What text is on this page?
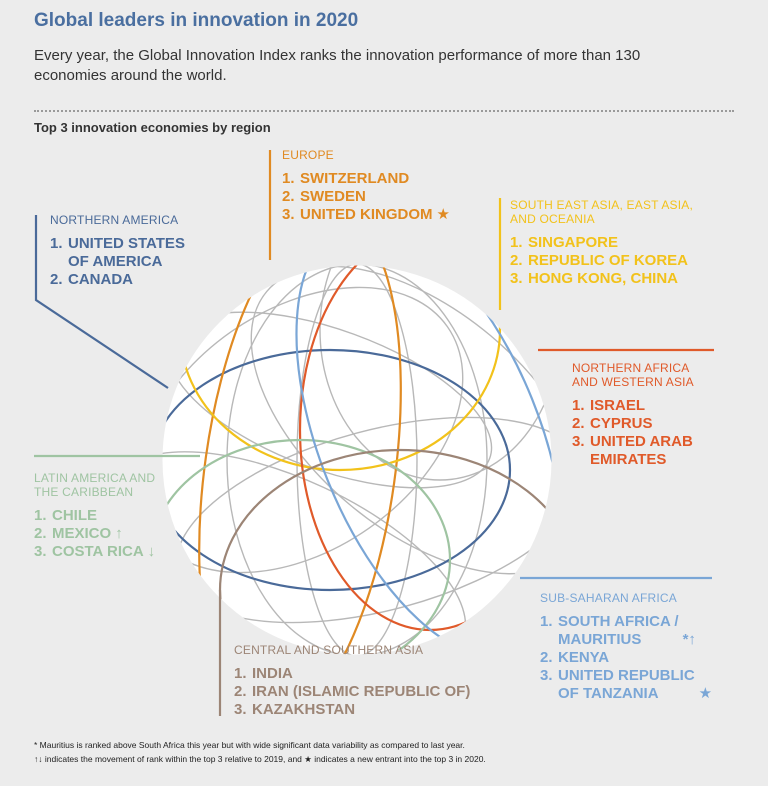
Global leaders in innovation in 2020
Every year, the Global Innovation Index ranks the innovation performance of more than 130 economies around the world.
Top 3 innovation economies by region
NORTHERN AMERICA
1. UNITED STATES
OF AMERICA
2. CANADA
EUROPE
1. SWITZERLAND
2. SWEDEN
3. UNITED KINGDOM ★
SOUTH EAST ASIA, EAST ASIA,
AND OCEANIA
1. SINGAPORE
2. REPUBLIC OF KOREA
3. HONG KONG, CHINA
NORTHERN AFRICA
AND WESTERN ASIA
1. ISRAEL
2. CYPRUS
3. UNITED ARAB
EMIRATES
LATIN AMERICA AND
THE CARIBBEAN
1. CHILE
2. MEXICO ↑
3. COSTA RICA ↓
SUB-SAHARAN AFRICA
1. SOUTH AFRICA /
MAURITIUS	*↑
2. KENYA
3. UNITED REPUBLIC
OF TANZANIA	★
CENTRAL AND SOUTHERN ASIA
1. INDIA
2. IRAN (ISLAMIC REPUBLIC OF)
3. KAZAKHSTAN
* Mauritius is ranked above South Africa this year but with wide significant data variability as compared to last year.
↑↓ indicates the movement of rank within the top 3 relative to 2019, and ★ indicates a new entrant into the top 3 in 2020.
